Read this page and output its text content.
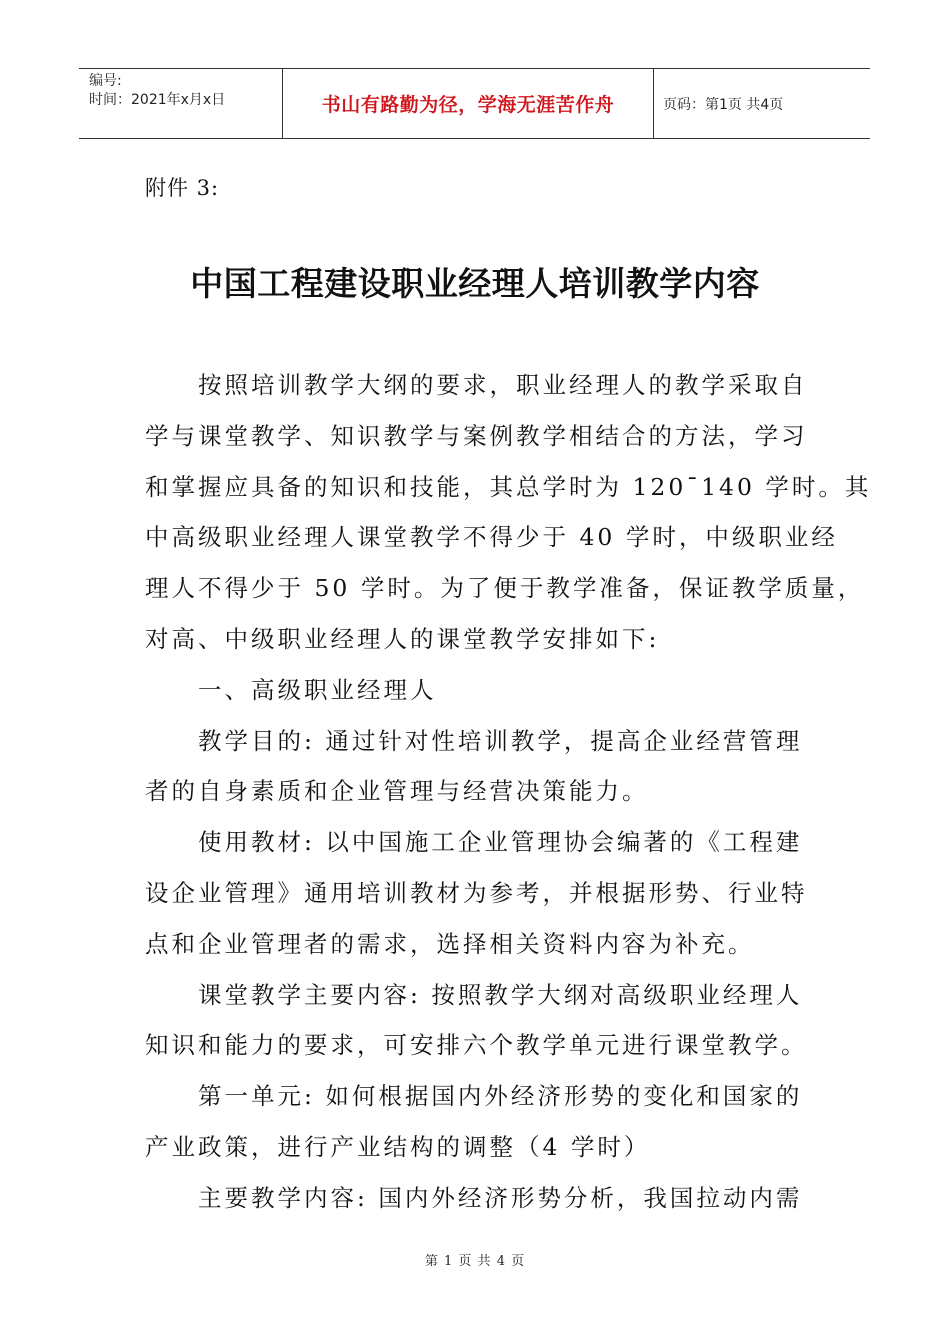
编号:
时间：2021年x月x日	书山有路勤为径，学海无涯苦作舟	页码：第1页 共4页
附件 3:
中国工程建设职业经理人培训教学内容

　　按照培训教学大纲的要求，职业经理人的教学采取自
学与课堂教学、知识教学与案例教学相结合的方法，学习
和掌握应具备的知识和技能，其总学时为 120ˉ140 学时。其
中高级职业经理人课堂教学不得少于 40 学时，中级职业经
理人不得少于 50 学时。为了便于教学准备，保证教学质量，
对高、中级职业经理人的课堂教学安排如下:
　　一、高级职业经理人
　　教学目的: 通过针对性培训教学，提高企业经营管理
者的自身素质和企业管理与经营决策能力。
　　使用教材: 以中国施工企业管理协会编著的《工程建
设企业管理》通用培训教材为参考，并根据形势、行业特
点和企业管理者的需求，选择相关资料内容为补充。
　　课堂教学主要内容: 按照教学大纲对高级职业经理人
知识和能力的要求，可安排六个教学单元进行课堂教学。
　　第一单元: 如何根据国内外经济形势的变化和国家的
产业政策，进行产业结构的调整（4 学时）
　　主要教学内容: 国内外经济形势分析，我国拉动内需

第 1 页 共 4 页
